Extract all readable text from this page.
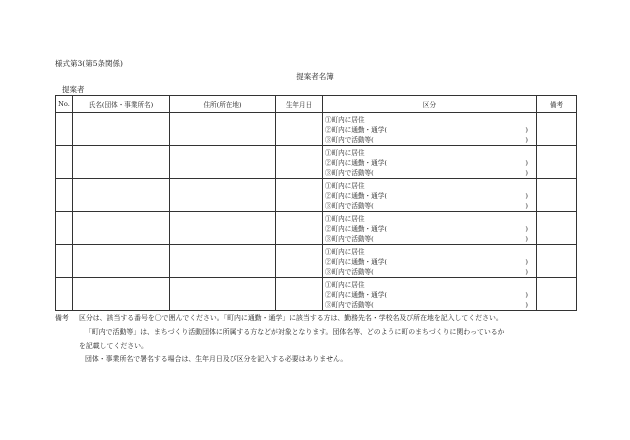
様式第3(第5条関係)
提案者名簿
提案者
No.	氏名(団体・事業所名)	住所(所在地)	生年月日	区分	備考

				①町内に居住
②町内に通勤・通学( )
③町内で活動等( )	

				①町内に居住
②町内に通勤・通学( )
③町内で活動等( )	

				①町内に居住
②町内に通勤・通学( )
③町内で活動等( )	

				①町内に居住
②町内に通勤・通学( )
③町内で活動等( )	

				①町内に居住
②町内に通勤・通学( )
③町内で活動等( )	

				①町内に居住
②町内に通勤・通学( )
③町内で活動等( )	

備考 区分は、該当する番号を〇で囲んでください。「町内に通勤・通学」に該当する方は、勤務先名・学校名及び所在地を記入してください。
「町内で活動等」は、まちづくり活動団体に所属する方などが対象となります。団体名等、どのように町のまちづくりに関わっているか
を記載してください。
団体・事業所名で署名する場合は、生年月日及び区分を記入する必要はありません。
